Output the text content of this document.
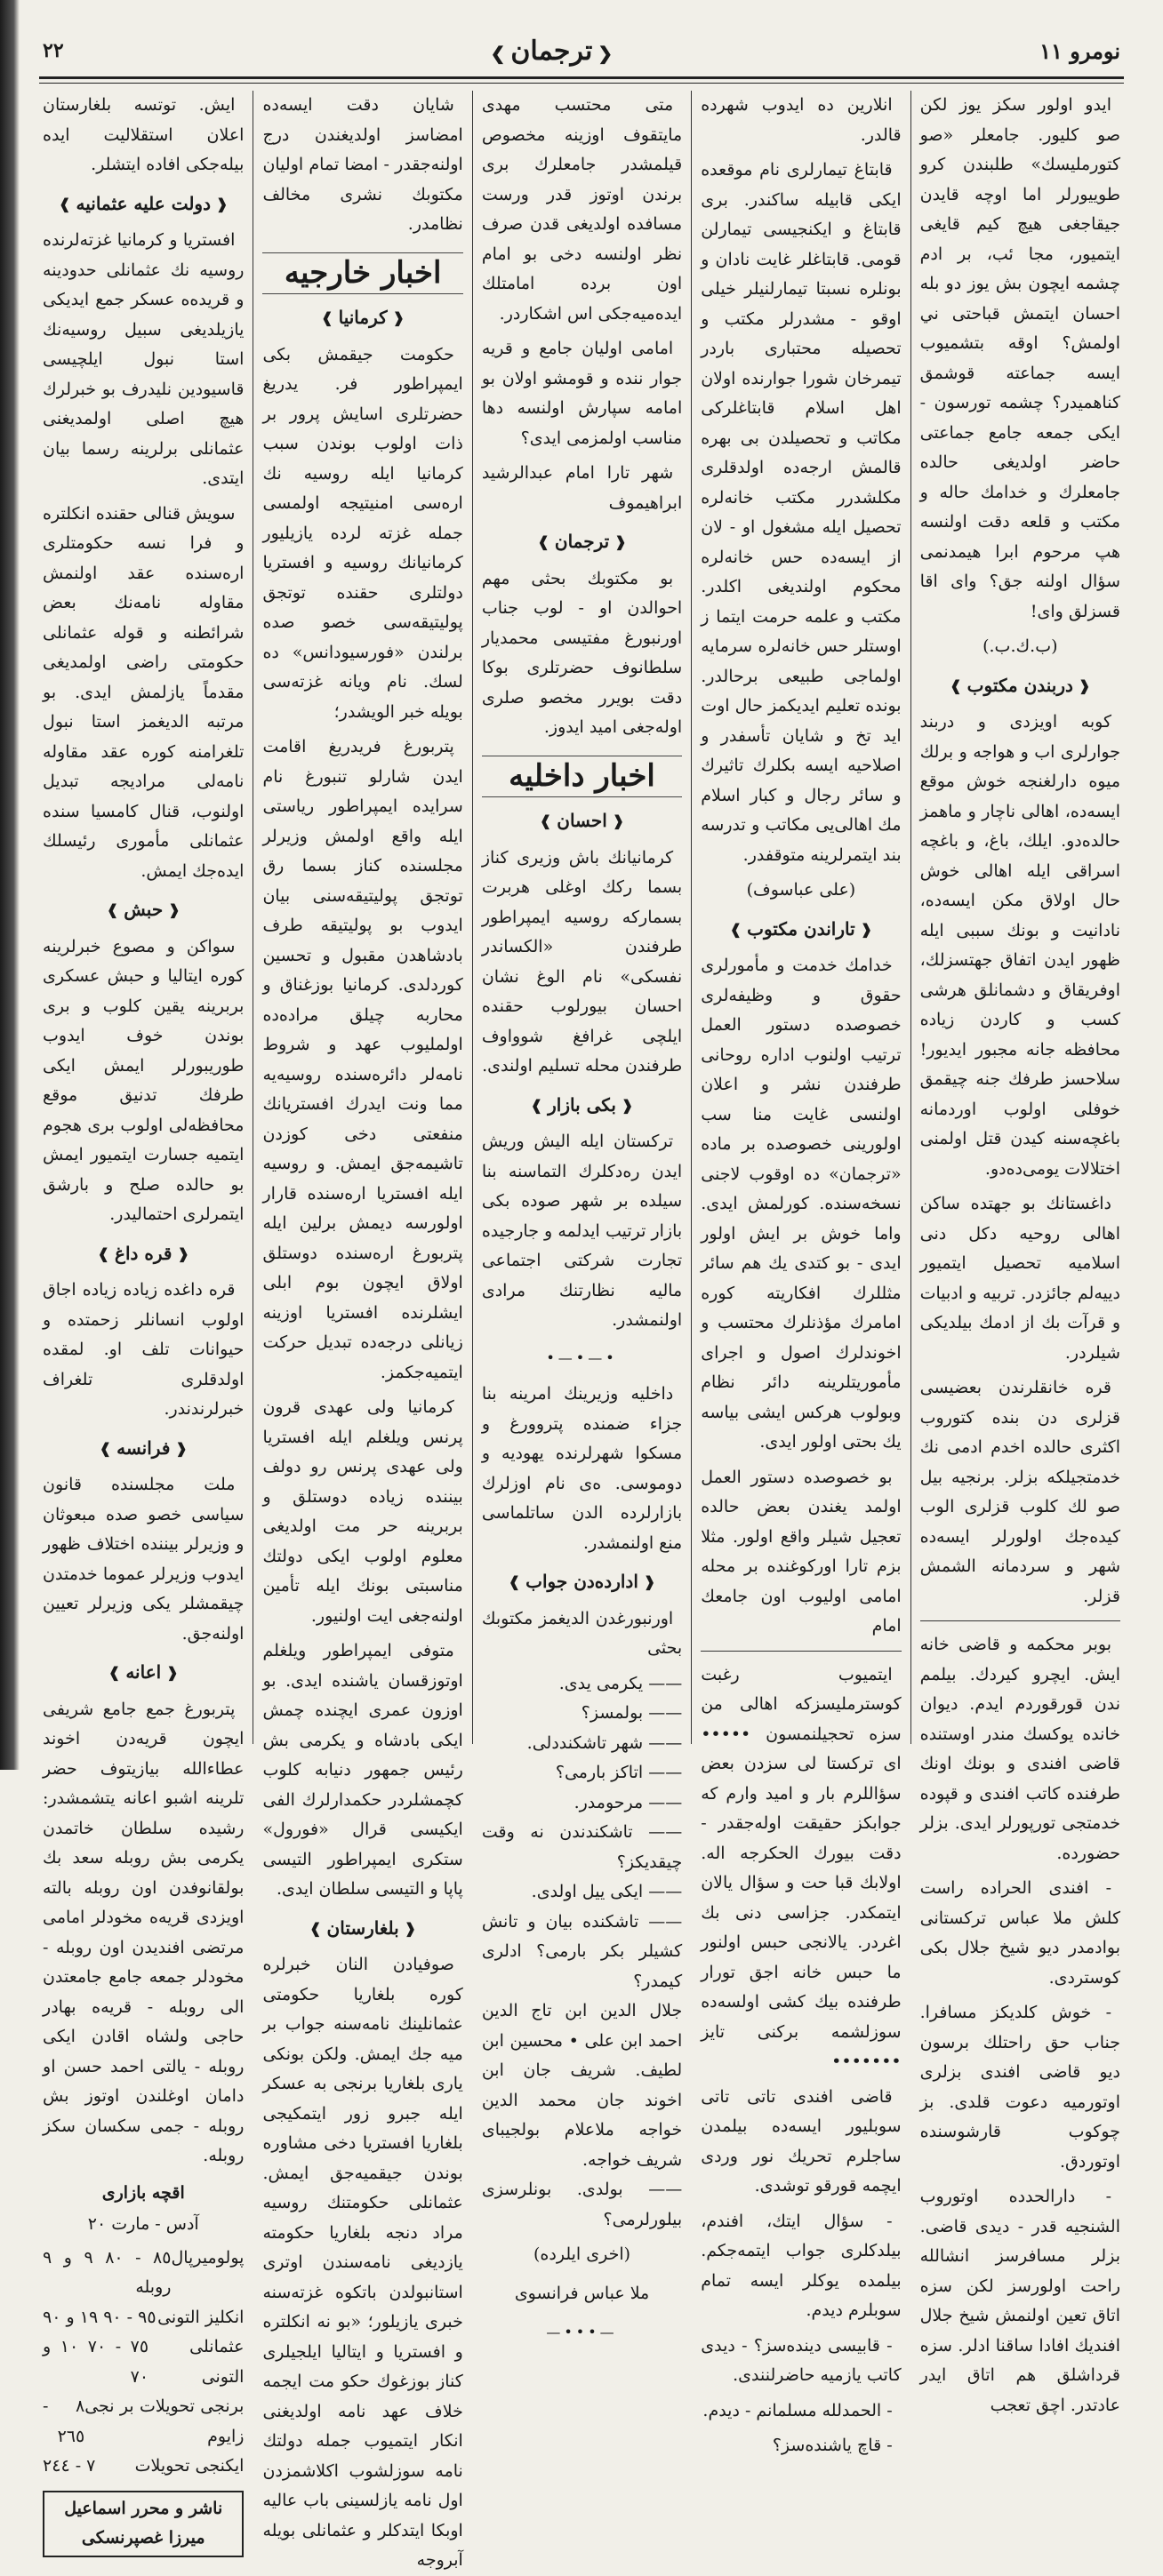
نومرو ١١
❮ ترجمان ❯
٢٢

ايدو اولور سكز يوز لكن صو كليور. جامعلر «صو كتورمليسك» طلبندن كرو طوييورلر اما اوچه قايدن جيقاجغى هيچ كيم قايغى ايتميور، مجا ئب، بر ادم چشمه ايچون بش يوز دو بله احسان ايتمش قباحتى ني اولمش؟ اوقه بتشميوب ايسه جماعته قوشمق كناهميدر؟ چشمه تورسون - ايكى جمعه جامع جماعتى حاضر اولديغى حالده جامعلرك و خدامك حاله و مكتب و قلعه دقت اولنسه هپ مرحوم ابرا هيمدنمى سؤال اولنه جق؟ واى اقا قسزلق واى!

(ب.ك.ب.)
❰
دربندن مكتوب
❱

كوبه اويزدى و دربند جوارلرى اب و هواجه و برلك ميوه دارلغنجه خوش موقع ايسه‌ده، اهالى ناچار و ماهمز حالده‌دو. ايلك، باغ، و باغچه اسراقى ايله اهالى خوش حال اولاق مكن ايسه‌ده، نادانيت و بونك سببى ايله ظهور ايدن اتفاق جهتسزلك، اوفريقاق و دشمانلق هرشى كسب و كاردن زياده محافظه جانه مجبور ايديور! سلاحسز طرفك جنه چيقمق خوفلى اولوب اوردمانه باغچه‌سنه كيدن قتل اولمنى اختلالات يومى‌ده‌دو.

داغستانك بو جهتده ساكن اهالى روحيه دكل دنى اسلاميه تحصيل ايتميور دييه‌لم جائزدر. تربيه و ادبيات و قرآت بك از ادمك بيلديكى شيلردر.

قره خانقلرندن بعضيسى قزلرى دن بنده كتوروب اكثرى حالده اخدم ادمى نك خدمتجيلكه بزلر. برنجيه بيل صو لك كلوب قزلرى الوب كيده‌جك اولورلر ايسه‌ده شهر و سردمانه الشمش قزلر.

بوبر محكمه و قاضى خانه ايش. ايچرو كيردك. بيلمم ندن قورقوردم ايدم. ديوان خانده يوكسك مندر اوستنده قاضى افندى و بونك اونك طرفنده كاتب افندى و قپوده خدمتجى تورپورلر ايدى. بزلر حضورده.

- افندى الحراده راست كلش ملا عباس تركستانى بوادمدر ديو شيخ جلال بكى كوستردى.

- خوش كلديكز مسافرا. جناب حق راحتلك برسون ديو قاضى افندى بزلرى اوتورميه دعوت قلدى. بز چوكوب قارشوسنده اوتوردق.

- دارالحدده اوتوروب الشنجيه قدر - ديدى قاضى. بزلر مسافرسز انشالله راحت اولورسز لكن سزه اتاق تعين اولنمش شيخ جلال افنديك افادا ساقنا ادلر. سزه قرداشلق هم اتاق ايدر عادتدر. اچق تعجب

انلارين ده ايدوب شهرده قالدر.

قابتاغ تيمارلرى نام موقعده ايكى قابيله ساكندر. برى قابتاغ و ايكنجيسى تيمارلن قومى. قابتاغلر غايت نادان و بونلره نسبتا تيمارلنيلر خيلى اوقو - مشدرلر مكتب و تحصيله محتبارى باردر تيمرخان شورا جوارنده اولان اهل اسلام قابتاغلركى مكاتب و تحصيلدن بى بهره قالمش ارجه‌ده اولدقلرى مكلشدرر مكتب خانه‌لره تحصيل ايله مشغول او - لان از ايسه‌ده حس خانه‌لره محكوم اولنديغى اكلدر. مكتب و علمه حرمت ايتما ز اوستلر حس خانه‌لره سرمايه اولماجى طبيعى برحالدر. بونده تعليم ايديكمز حال اوت ايد تخ و شايان تأسفدر و اصلاحيه ايسه بكلرك تاثيرك و سائر رجال و كبار اسلام مك اهالى‌يى مكاتب و تدرسه بند ايتمرلرينه متوقفدر.

(على عباسوف)
❰
تاراندن مكتوب
❱

خدامك خدمت و مأمورلرى حقوق و وظيفه‌لرى خصوصده دستور العمل ترتيب اولنوب اداره روحانى طرفندن نشر و اعلان اولنسى غايت منا سب اولورينى خصوصده بر ماده «ترجمان» ده اوقوب لاجنى نسخه‌سنده. كورلمش ايدى. واما خوش بر ايش اولور ايدى - بو كتدى يك هم سائر مثللرك افكاريته كوره امامرك مؤذنلرك محتسب و اخوندلرك اصول و اجراى مأموريتلرينه دائر نظام وبولوب هركس ايشى بياسه يك بحتى اولور ايدى.

بو خصوصده دستور العمل اولمد يغندن بعض حالده تعجيل شيلر واقع اولور. مثلا بزم تارا اوركوغنده بر محله امامى اوليوب اون جامعك امام

ايتميوب رغبت كوسترمليسزكه اهالى من سزه تحجيلنمسون ••••• اى تركستا لى سزدن بعض سؤاللرم بار و اميد وارم كه جوابكز حقيقت اوله‌جقدر - دقت بيورك الحكرجه اله. اولابك قبا حت و سؤال يالان ايتمكدر. جزاسى دنى بك اغردر. يالانجى حبس اولنور ما حبس خانه اجق تورار طرفنده بيك كشى اولسه‌ده سوزلشمه بركنى تايز •••••••

قاضى افندى تاتى تاتى سوبليور ايسه‌ده بيلمدن ساجلرم تحريك نور وردى ايچمه قورقو توشدى.

- سؤال ايتك، افندم، بيلدكلرى جواب ايتمه‌جكم. بيلمده يوكلر ايسه تمام سوبلرم ديدم.

- قابيسى دينده‌سز؟ - ديدى كاتب يازميه حاضرلنندى.

- الحمدلله مسلمانم - ديدم.

- قاچ ياشنده‌سز؟

متى محتسب مهدى مايتقوف اوزينه مخصوص قيلمشدر جامعلرك برى برندن اوتوز قدر ورست مسافده اولديغى قدن صرف نظر اولنسه دخى بو امام اون برده امامتلك ايده‌ميه‌جكى اس اشكاردر.

امامى اوليان جامع و قريه جوار ننده و قومشو اولان بو امامه سپارش اولنسه دها مناسب اولمزمى ايدى؟

شهر تارا امام عبدالرشيد ابراهيموف

❰
ترجمان
❱

بو مكتوبك بحثى مهم احوالدن او - لوب جناب اورنبورغ مفتيسى محمديار سلطانوف حضرتلرى بوكا دقت بويرر مخصو صلرى اوله‌جغى اميد ايدوز.

اخبار داخليه
❰
احسان
❱

كرمانيانك باش وزيرى كناز بسما ركك اوغلى هربرت بسماركه روسيه ايمپراطور طرفندن «الكساندر نفسكى» نام الوغ نشان احسان بيورلوب حقنده ايلچى غرافغ شوواوف طرفندن محله تسليم اولندى.

❰
بكى بازار
❱

تركستان ايله اليش وريش ايدن ره‌دكلرك التماسنه بنا سيلده بر شهر صوده بكى بازار ترتيب ايدلمه و جارجيده تجارت شركتى اجتماعى ماليه نظارتنك مرادى اولنمشدر.

•—•—•

داخليه وزيرينك امرينه بنا جزاء ضمنده پتروورغ و مسكوا شهرلرنده يهوديه و دوموسى. ه‌ى نام اوزلرك بازارلرده الدن ساتلماسى منع اولنمشدر.

❰
ادارده‌دن جواب
❱

اورنبورغدن الديغمز مكتوبك بحثى

—— يكرمى يدى.
—— بولمسز؟
—— شهر تاشكنددلى.
—— اتاكز بارمى؟
—— مرحومدر.
—— تاشكندندن نه وقت چيقديكز؟
—— ايكى ييل اولدى.
—— تاشكنده بيان و تانش كشيلر بكر بارمى؟ ادلرى كيمدر؟
جلال الدين ابن تاج الدين احمد ابن على • محسين ابن لطيف. شريف جان ابن اخوند جان محمد الدين خواجه ملاعلام بولجيباى شريف خواجه.
—— بولدى. بونلرسزى بيلورلرمى؟
(اخرى ايلرده)
ملا عباس فرانسوى
—•••—

شايان دقت ايسه‌ده امضاسز اولديغندن درج اولنه‌جقدر - امضا تمام اوليان مكتوبك نشرى مخالف نظامدر.

اخبار خارجيه
❰
كرمانيا
❱

حكومت جيقمش بكى ايمپراطور فر. يدريغ حضرتلرى اسايش پرور بر ذات اولوب بوندن سبب كرمانيا ايله روسيه نك اره‌سى امنيتيجه اولمسى جمله غزته‌ لرده يازيليور كرمانيانك روسيه و افستريا دولتلرى حقنده توتجق پوليتيقه‌سى خصو صده برلندن «فورسيودانس» ده لسك. نام ويانه غزته‌سى بويله خبر الويشدر؛

پتربورغ فريدريغ اقامت ايدن شارلو تنبورغ نام سرايده ايمپراطور رياستى ايله واقع اولمش وزيرلر مجلسنده كناز بسما رق توتجق پوليتيقه‌سنى بيان ايدوب بو پوليتيقه طرف بادشاهدن مقبول و تحسين كوردلدى. كرمانيا بوزغناق و محاربه چيلق مراده‌ده اولمليوب عهد و شروط نامه‌لر دائره‌سنده روسيه‌يه مما ونت ايدرك افستريانك منفعتى دخى كوزدن تاشيمه‌جق ايمش. و روسيه ايله افستريا اره‌سنده قارار اولورسه ديمش برلين ايله پتربورغ اره‌سنده دوستلق اولاق ايچون بوم ابلى ايشلرنده افستريا اوزينه زيانلى درجه‌ده تبديل حركت ايتميه‌جكمز.

كرمانيا ولى عهدى قرون پرنس ويلغلم ايله افستريا ولى عهدى پرنس رو دولف بيننده زياده دوستلق و بربرينه حر مت اولديغى معلوم اولوب ايكى دولتك مناسبتى بونك ايله تأمين اولنه‌جغى ايت اولنيور.

متوفى ايمپراطور ويلغلم اوتوزقسان ياشنده ايدى. بو اوزون عمرى ايچنده چمش ايكى بادشاه و يكرمى بش رئيس جمهور دنيابه كلوب كچمشلردر حكمدارلرك الفى ايكيسى قرال «فورول» ستكرى ايمپراطور التيسى پاپا و التيسى سلطان ايدى.

❰
بلغارستان
❱

صوفيادن النان خبرلره كوره بلغاريا حكومتى عثمانلينك نامه‌سنه جواب بر ميه جك ايمش. ولكن بونكى يارى بلغاريا برنجى به عسكر ايله جبرو زور ايتمكيجى بلغاريا افستريا دخى مشاوره بوندن جيقميه‌جق ايمش. عثمانلى حكومتنك روسيه مراد دنجه بلغاريا حكومته يازديغى نامه‌سندن اوترى استانبولدن باتكوه غزته‌سنه خبرى يازيلور؛ «بو نه انكلتره و افستريا و ايتاليا ايلجيلرى كناز بوزغوك حكو مت ايجمه خلاف عهد نامه اولديغنى انكار ايتميوب جمله دولتك نامه سوزلشوب اكلاشمزدن اول نامه يازلسينى باب عاليه اوبكا ايتدكلر و عثمانلى بويله آبروجه

ايش. توتسه بلغارستان اعلان استقلاليت ايده بيله‌جكى افاده ايتشلر.

❰
دولت عليه عثمانيه
❱

افستريا و كرمانيا غزته‌لرنده روسيه نك عثمانلى حدودينه و قريده‌ه عسكر جمع ايديكى يازيلديغى سبيل روسيه‌نك استا نبول ايلچيسى قاسيودين نليدرف بو خبرلرك هيچ اصلى اولمديغنى عثمانلى برلرينه رسما بيان ايتدى.

سويش قنالى حقنده انكلتره و فرا نسه حكومتلرى اره‌سنده عقد اولنمش مقاوله نامه‌نك بعض شرائطنه و قوله عثمانلى حكومتى راضى اولمديغى مقدماً يازلمش ايدى. بو مرتبه الديغمز استا نبول تلغرامنه كوره عقد مقاوله نامه‌لى مراديجه تبديل اولنوب، قنال كامسيا سنده عثمانلى مأمورى رئيسلك ايده‌جك ايمش.

❰
حبش
❱

سواكن و مصوع خبرلرينه كوره ايتاليا و حبش عسكرى بربرينه يقين كلوب و برى بوندن خوف ايدوب طوريبورلر ايمش ايكى طرفك تدنيق موقع محافظه‌لى اولوب برى هجوم ايتميه جسارت ايتميور ايمش بو حالده صلح و بارشق ايتمرلرى احتماليدر.

❰
قره داغ
❱

قره داغده زياده زياده اجاق اولوب انسانلر زحمتده و حيوانات تلف او. لمقده اولدقلرى تلغراف خبرلرندندر.

❰
فرانسه
❱

ملت مجلسنده قانون سياسى خصو صده مبعوثان و وزيرلر بيننده اختلاف ظهور ايدوب وزيرلر عموما خدمتدن چيقمشلر يكى وزيرلر تعيين اولنه‌جق.

❰
اعانه
❱

پتربورغ جمع جامع شريفى ايچون قريه‌دن اخوند عطاءالله بيازيتوف حضر تلرينه اشبو اعانه يتشمشدر: رشيده سلطان خاتمدن يكرمى بش روبله سعد بك بولقانوفدن اون روبله بالته اويزدى قريه‌ه مخودلر امامى مرتضى افنديدن اون روبله - مخودلر جمعه جامع جامعتدن الى روبله - قريه‌ه بهادر حاجى ولشاه اقادن ايكى روبله - يالتى احمد حسن او دامان اوغلندن اوتوز بش روبله - جمى سكسان سكز روبله.

اقچه بازارى
آدس - مارت ٢٠
پولوميرپال
٨٥ - ٨٠ ٩ و ٩ روبله
انكليز التونى
٩٥ - ٩٠ ١٩ و ٩٠
عثمانلى التونى
٧٥ - ٧٠ ١٠ و ٧٠
برنجى تحويلات بر نجى زايوم
٨ - ٢٦٥
ايكنجى تحويلات
٧ - ٢٤٤
ناشر و محرر اسماعيل ميرزا غصپرنسكى
